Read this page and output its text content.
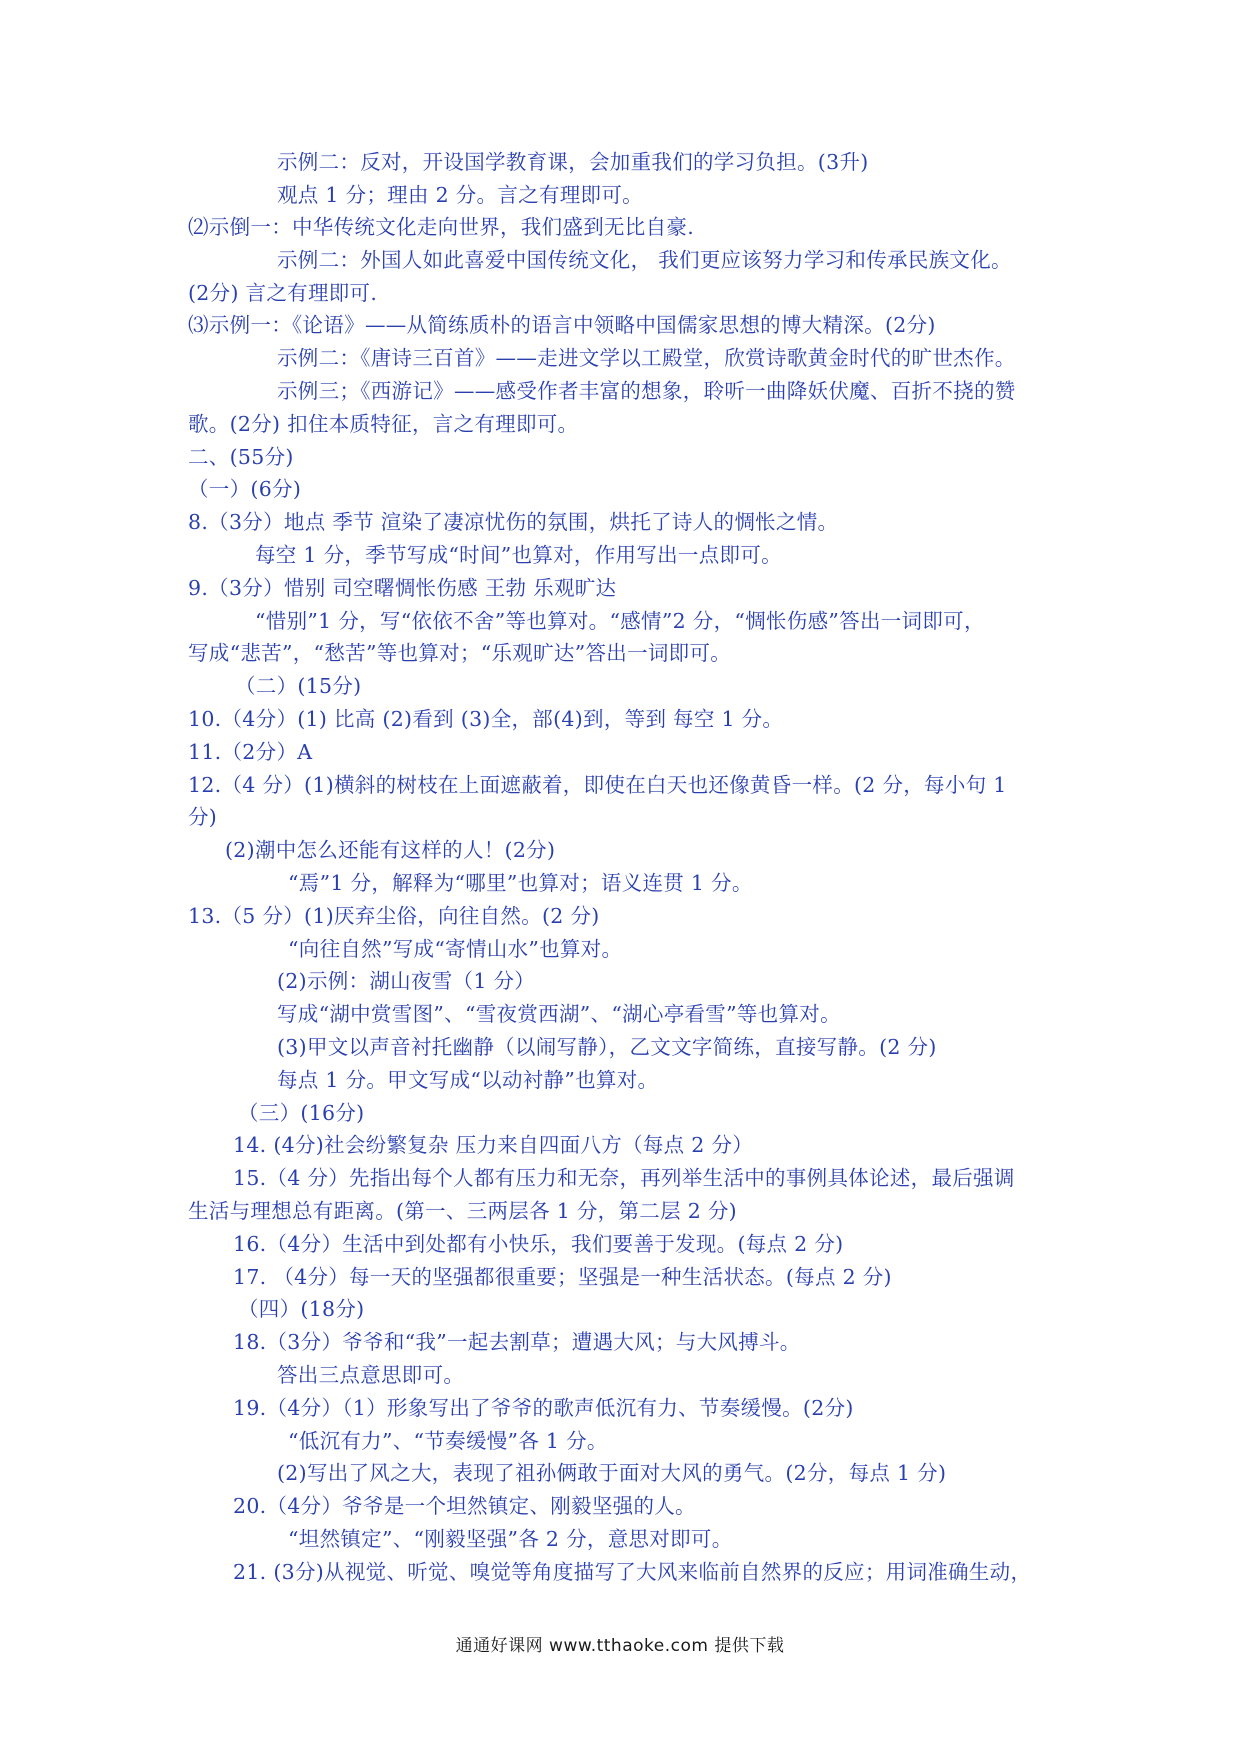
示例二：反对，开设国学教育课，会加重我们的学习负担。(3升)
观点 1 分；理由 2 分。言之有理即可。
⑵示倒一：中华传统文化走向世界，我们盛到无比自豪.
示例二：外国人如此喜爱中国传统文化， 我们更应该努力学习和传承民族文化。
(2分) 言之有理即可.
⑶示例一：《论语》——从简练质朴的语言中领略中国儒家思想的博大精深。(2分)
示例二：《唐诗三百首》——走进文学以工殿堂，欣赏诗歌黄金时代的旷世杰作。
示例三；《西游记》——感受作者丰富的想象，聆听一曲降妖伏魔、百折不挠的赞
歌。(2分) 扣住本质特征，言之有理即可。
二、(55分)
（一）(6分)
8.（3分）地点 季节 渲染了凄凉忧伤的氛围，烘托了诗人的惆怅之情。
每空 1 分，季节写成“时间”也算对，作用写出一点即可。
9.（3分）惜别 司空曙惆怅伤感 王勃 乐观旷达
“惜别”1 分，写“依依不舍”等也算对。“感情”2 分，“惆怅伤感”答出一词即可，
写成“悲苦”，“愁苦”等也算对；“乐观旷达”答出一词即可。
（二）(15分)
10.（4分）(1) 比高 (2)看到 (3)全，部(4)到，等到 每空 1 分。
11.（2分）A
12.（4 分）(1)横斜的树枝在上面遮蔽着，即使在白天也还像黄昏一样。(2 分，每小句 1
分)
(2)潮中怎么还能有这样的人！(2分)
“焉”1 分，解释为“哪里”也算对；语义连贯 1 分。
13.（5 分）(1)厌弃尘俗，向往自然。(2 分)
“向往自然”写成“寄情山水”也算对。
(2)示例：湖山夜雪（1 分）
写成“湖中赏雪图”、“雪夜赏西湖”、“湖心亭看雪”等也算对。
(3)甲文以声音衬托幽静（以闹写静），乙文文字简练，直接写静。(2 分)
每点 1 分。甲文写成“以动衬静”也算对。
（三）(16分)
14. (4分)社会纷繁复杂 压力来自四面八方（每点 2 分）
15.（4 分）先指出每个人都有压力和无奈，再列举生活中的事例具体论述，最后强调
生活与理想总有距离。(第一、三两层各 1 分，第二层 2 分)
16.（4分）生活中到处都有小快乐，我们要善于发现。(每点 2 分)
17. （4分）每一天的坚强都很重要；坚强是一种生活状态。(每点 2 分)
（四）(18分)
18.（3分）爷爷和“我”一起去割草；遭遇大风；与大风搏斗。
答出三点意思即可。
19.（4分）（1）形象写出了爷爷的歌声低沉有力、节奏缓慢。(2分)
“低沉有力”、“节奏缓慢”各 1 分。
(2)写出了风之大，表现了祖孙俩敢于面对大风的勇气。(2分，每点 1 分)
20.（4分）爷爷是一个坦然镇定、刚毅坚强的人。
“坦然镇定”、“刚毅坚强”各 2 分，意思对即可。
21. (3分)从视觉、听觉、嗅觉等角度描写了大风来临前自然界的反应；用词准确生动，
通通好课网 www.tthaoke.com 提供下载
